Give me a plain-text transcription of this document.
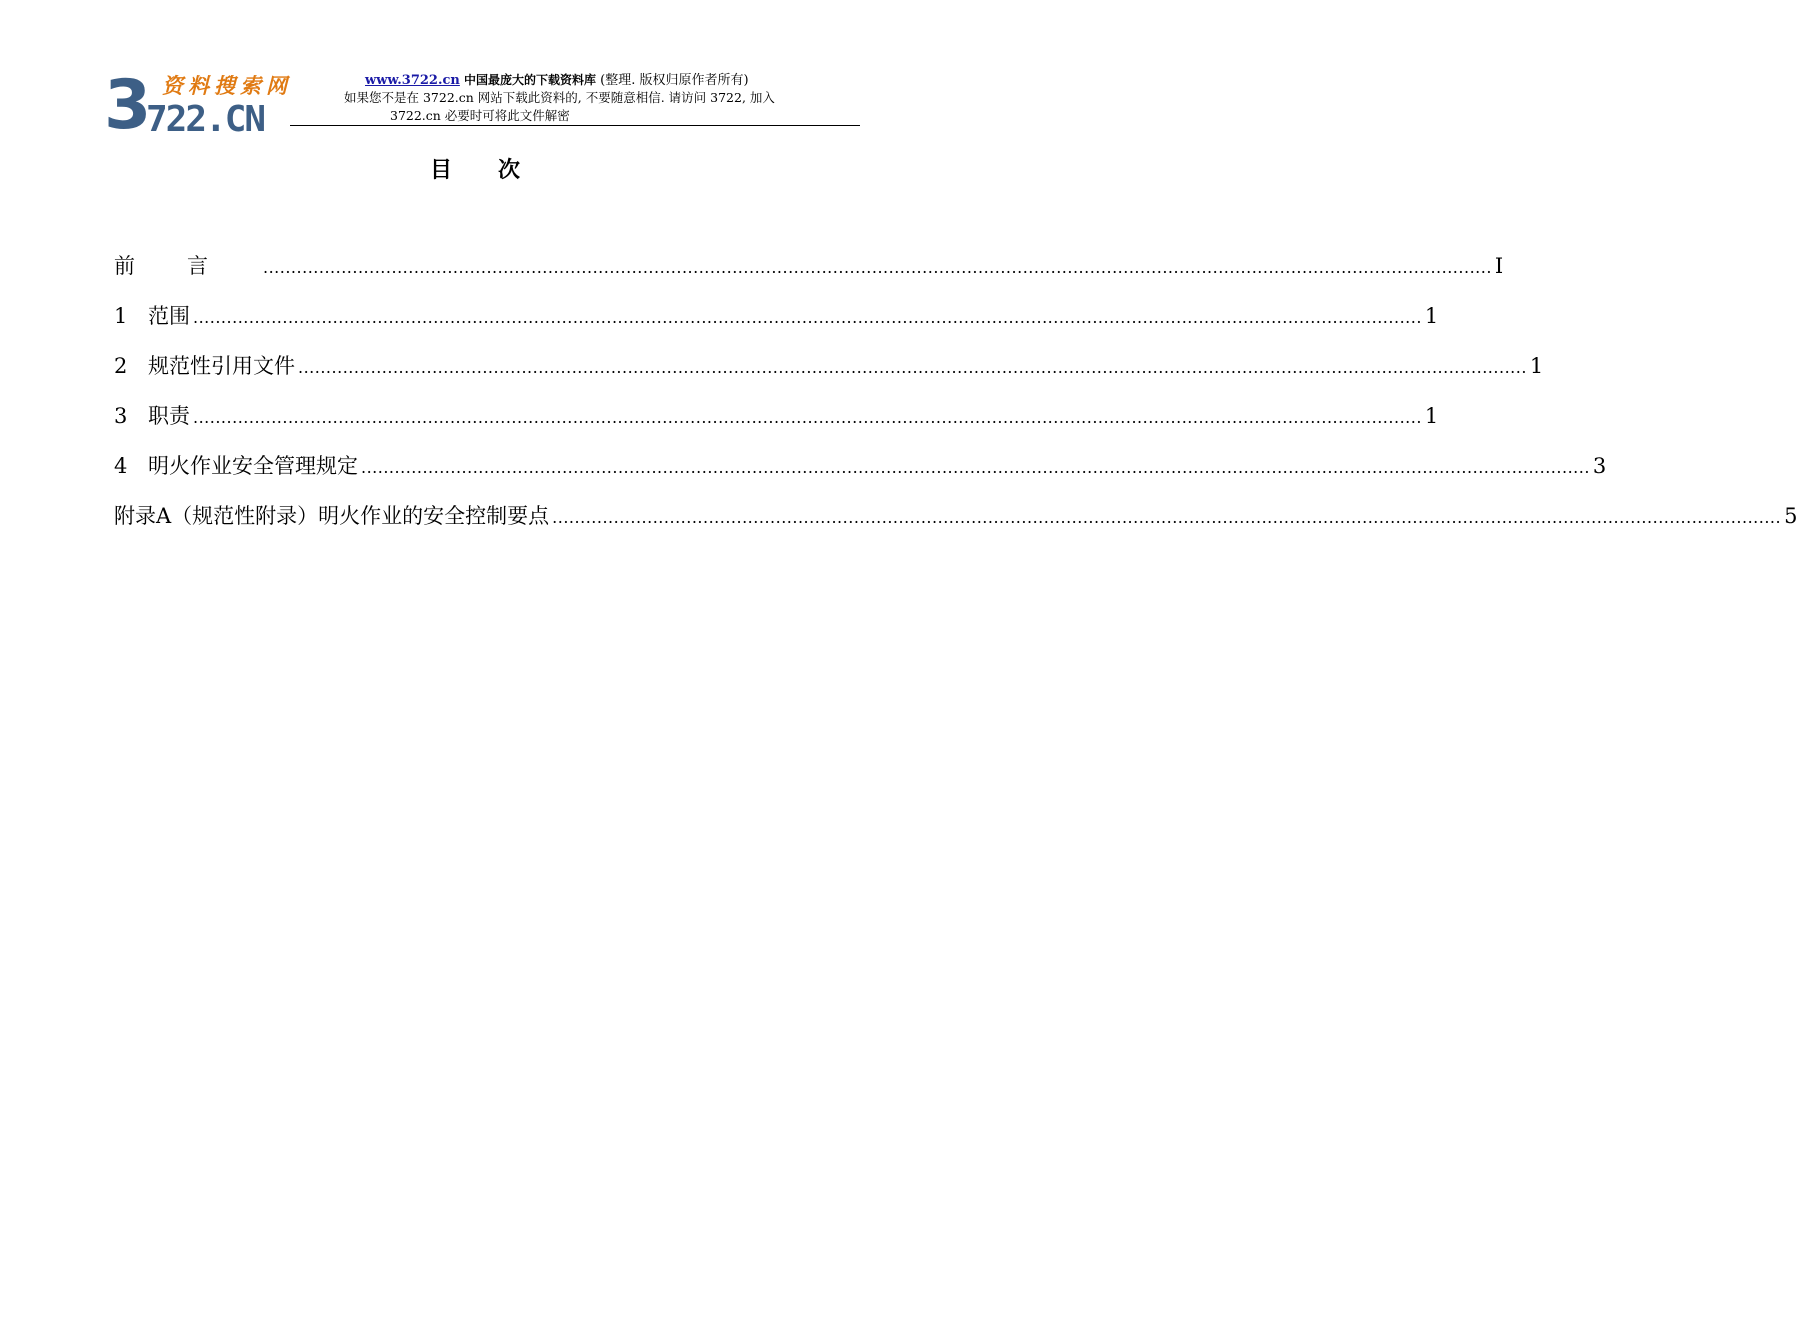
资料搜索网
3
722.CN
www.3722.cn 中国最庞大的下载资料库 (整理. 版权归原作者所有)
如果您不是在 3722.cn 网站下载此资料的, 不要随意相信. 请访问 3722, 加入
3722.cn 必要时可将此文件解密
目次
前言 ............................................................................................................................................................................................................................ I
1 范围 ............................................................................................................................................................................................................................ 1
2 规范性引用文件 ............................................................................................................................................................................................................................ 1
3 职责 ............................................................................................................................................................................................................................ 1
4 明火作业安全管理规定 ............................................................................................................................................................................................................................ 3
附录A（规范性附录）明火作业的安全控制要点 ............................................................................................................................................................................................................................ 5
